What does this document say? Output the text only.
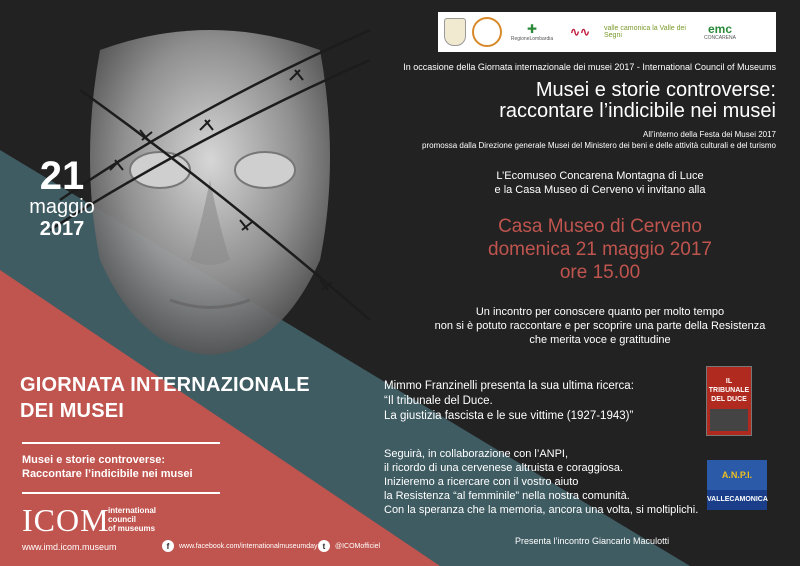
✚
RegioneLombardia ∿∿ valle camonica la Valle dei Segni	emc
CONCARENA
In occasione della Giornata internazionale dei musei 2017 - International Council of Museums
Musei e storie controverse:
raccontare l’indicibile nei musei
All’interno della Festa dei Musei 2017
promossa dalla Direzione generale Musei del Ministero dei beni e delle attività culturali e del turismo
L’Ecomuseo Concarena Montagna di Luce
e la Casa Museo di Cerveno vi invitano alla
Casa Museo di Cerveno
domenica 21 maggio 2017
ore 15.00
Un incontro per conoscere quanto per molto tempo
non si è potuto raccontare e per scoprire una parte della Resistenza
che merita voce e gratitudine
Mimmo Franzinelli presenta la sua ultima ricerca:
“Il tribunale del Duce.
La giustizia fascista e le sue vittime (1927-1943)”
IL TRIBUNALE DEL DUCE
Seguirà, in collaborazione con l’ANPI,
il ricordo di una cervenese altruista e coraggiosa.
Inizieremo a ricercare con il vostro aiuto
la Resistenza “al femminile” nella nostra comunità.
Con la speranza che la memoria, ancora una volta, si moltiplichi.
A.N.P.I.
VALLECAMONICA
Presenta l’incontro Giancarlo Maculotti
21
maggio
2017
GIORNATA INTERNAZIONALE
DEI MUSEI
Musei e storie controverse:
Raccontare l’indicibile nei musei
ICOM
international
council
of museums
www.imd.icom.museum	f	www.facebook.com/internationalmuseumday t	@ICOMofficiel
